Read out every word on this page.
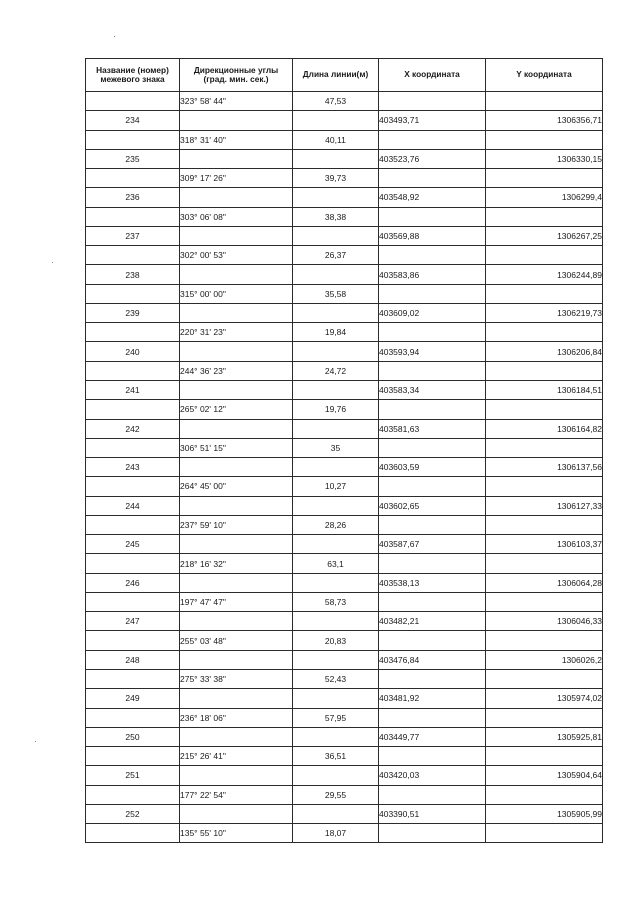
Название (номер) межевого знака	Дирекционные углы (град. мин. сек.)	Длина линии(м)	X координата	Y координата

	323° 58' 44"	47,53		
234			403493,71	1306356,71
	318° 31' 40"	40,11		
235			403523,76	1306330,15
	309° 17' 26"	39,73		
236			403548,92	1306299,4
	303° 06' 08"	38,38		
237			403569,88	1306267,25
	302° 00' 53"	26,37		
238			403583,86	1306244,89
	315° 00' 00"	35,58		
239			403609,02	1306219,73
	220° 31' 23"	19,84		
240			403593,94	1306206,84
	244° 36' 23"	24,72		
241			403583,34	1306184,51
	265° 02' 12"	19,76		
242			403581,63	1306164,82
	306° 51' 15"	35		
243			403603,59	1306137,56
	264° 45' 00"	10,27		
244			403602,65	1306127,33
	237° 59' 10"	28,26		
245			403587,67	1306103,37
	218° 16' 32"	63,1		
246			403538,13	1306064,28
	197° 47' 47"	58,73		
247			403482,21	1306046,33
	255° 03' 48"	20,83		
248			403476,84	1306026,2
	275° 33' 38"	52,43		
249			403481,92	1305974,02
	236° 18' 06"	57,95		
250			403449,77	1305925,81
	215° 26' 41"	36,51		
251			403420,03	1305904,64
	177° 22' 54"	29,55		
252			403390,51	1305905,99
	135° 55' 10"	18,07		
